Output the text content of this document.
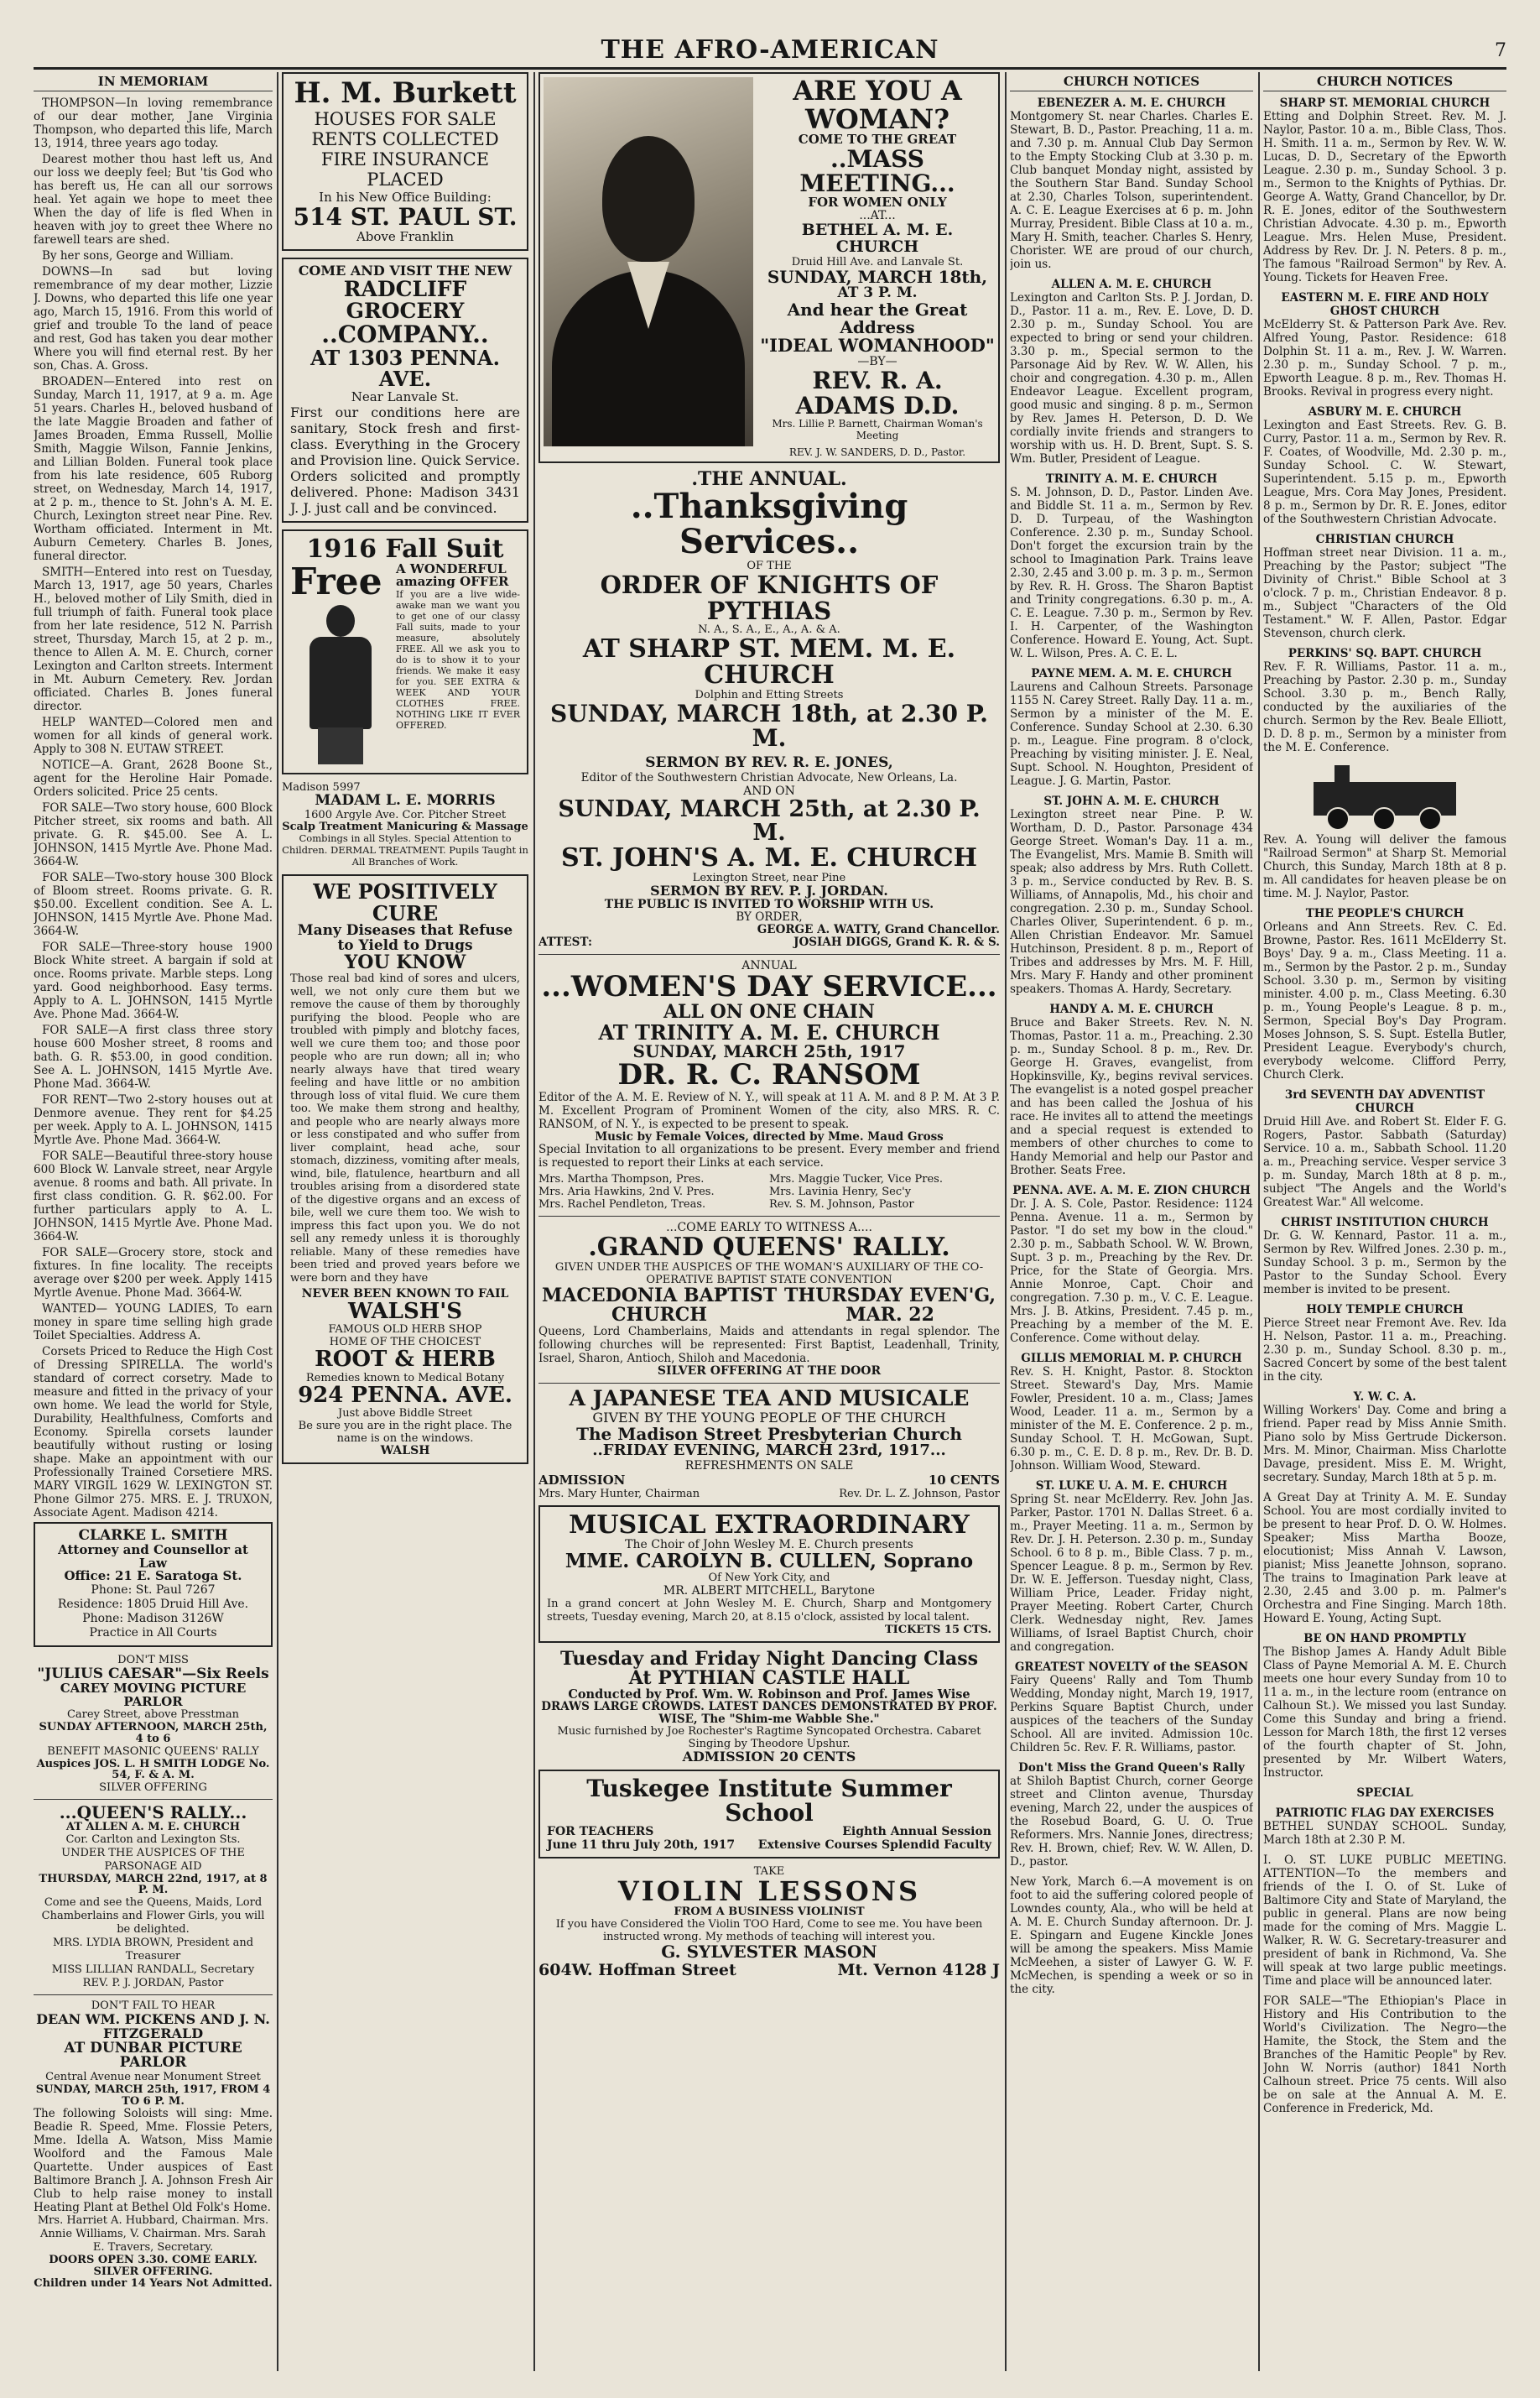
THE AFRO-AMERICAN	7
IN MEMORIAM

THOMPSON—In loving remembrance of our dear mother, Jane Virginia Thompson, who departed this life, March 13, 1914, three years ago today.

Dearest mother thou hast left us, And our loss we deeply feel; But 'tis God who has bereft us, He can all our sorrows heal. Yet again we hope to meet thee When the day of life is fled When in heaven with joy to greet thee Where no farewell tears are shed.

By her sons, George and William.

DOWNS—In sad but loving remembrance of my dear mother, Lizzie J. Downs, who departed this life one year ago, March 15, 1916. From this world of grief and trouble To the land of peace and rest, God has taken you dear mother Where you will find eternal rest. By her son, Chas. A. Gross.

BROADEN—Entered into rest on Sunday, March 11, 1917, at 9 a. m. Age 51 years. Charles H., beloved husband of the late Maggie Broaden and father of James Broaden, Emma Russell, Mollie Smith, Maggie Wilson, Fannie Jenkins, and Lillian Bolden. Funeral took place from his late residence, 605 Ruborg street, on Wednesday, March 14, 1917, at 2 p. m., thence to St. John's A. M. E. Church, Lexington street near Pine. Rev. Wortham officiated. Interment in Mt. Auburn Cemetery. Charles B. Jones, funeral director.

SMITH—Entered into rest on Tuesday, March 13, 1917, age 50 years, Charles H., beloved mother of Lily Smith, died in full triumph of faith. Funeral took place from her late residence, 512 N. Parrish street, Thursday, March 15, at 2 p. m., thence to Allen A. M. E. Church, corner Lexington and Carlton streets. Interment in Mt. Auburn Cemetery. Rev. Jordan officiated. Charles B. Jones funeral director.

HELP WANTED—Colored men and women for all kinds of general work. Apply to 308 N. EUTAW STREET.

NOTICE—A. Grant, 2628 Boone St., agent for the Heroline Hair Pomade. Orders solicited. Price 25 cents.

FOR SALE—Two story house, 600 Block Pitcher street, six rooms and bath. All private. G. R. $45.00. See A. L. JOHNSON, 1415 Myrtle Ave. Phone Mad. 3664-W.

FOR SALE—Two-story house 300 Block of Bloom street. Rooms private. G. R. $50.00. Excellent condition. See A. L. JOHNSON, 1415 Myrtle Ave. Phone Mad. 3664-W.

FOR SALE—Three-story house 1900 Block White street. A bargain if sold at once. Rooms private. Marble steps. Long yard. Good neighborhood. Easy terms. Apply to A. L. JOHNSON, 1415 Myrtle Ave. Phone Mad. 3664-W.

FOR SALE—A first class three story house 600 Mosher street, 8 rooms and bath. G. R. $53.00, in good condition. See A. L. JOHNSON, 1415 Myrtle Ave. Phone Mad. 3664-W.

FOR RENT—Two 2-story houses out at Denmore avenue. They rent for $4.25 per week. Apply to A. L. JOHNSON, 1415 Myrtle Ave. Phone Mad. 3664-W.

FOR SALE—Beautiful three-story house 600 Block W. Lanvale street, near Argyle avenue. 8 rooms and bath. All private. In first class condition. G. R. $62.00. For further particulars apply to A. L. JOHNSON, 1415 Myrtle Ave. Phone Mad. 3664-W.

FOR SALE—Grocery store, stock and fixtures. In fine locality. The receipts average over $200 per week. Apply 1415 Myrtle Avenue. Phone Mad. 3664-W.

WANTED— YOUNG LADIES, To earn money in spare time selling high grade Toilet Specialties. Address A.

Corsets Priced to Reduce the High Cost of Dressing SPIRELLA. The world's standard of correct corsetry. Made to measure and fitted in the privacy of your own home. We lead the world for Style, Durability, Healthfulness, Comforts and Economy. Spirella corsets launder beautifully without rusting or losing shape. Make an appointment with our Professionally Trained Corsetiere MRS. MARY VIRGIL 1629 W. LEXINGTON ST. Phone Gilmor 275. MRS. E. J. TRUXON, Associate Agent. Madison 4214.

CLARKE L. SMITH
Attorney and Counsellor at Law
Office: 21 E. Saratoga St.
Phone: St. Paul 7267
Residence: 1805 Druid Hill Ave.
Phone: Madison 3126W
Practice in All Courts
DON'T MISS
"JULIUS CAESAR"—Six Reels
CAREY MOVING PICTURE PARLOR
Carey Street, above Presstman
SUNDAY AFTERNOON, MARCH 25th, 4 to 6
BENEFIT MASONIC QUEENS' RALLY
Auspices JOS. L. H SMITH LODGE No. 54, F. & A. M.
SILVER OFFERING
...QUEEN'S RALLY...
AT ALLEN A. M. E. CHURCH
Cor. Carlton and Lexington Sts.
UNDER THE AUSPICES OF THE PARSONAGE AID
THURSDAY, MARCH 22nd, 1917, at 8 P. M.
Come and see the Queens, Maids, Lord Chamberlains and Flower Girls, you will be delighted.
MRS. LYDIA BROWN, President and Treasurer
MISS LILLIAN RANDALL, Secretary
REV. P. J. JORDAN, Pastor
DON'T FAIL TO HEAR
DEAN WM. PICKENS AND J. N. FITZGERALD
AT DUNBAR PICTURE PARLOR
Central Avenue near Monument Street
SUNDAY, MARCH 25th, 1917, FROM 4 TO 6 P. M.
The following Soloists will sing: Mme. Beadie R. Speed, Mme. Flossie Peters, Mme. Idella A. Watson, Miss Mamie Woolford and the Famous Male Quartette. Under auspices of East Baltimore Branch J. A. Johnson Fresh Air Club to help raise money to install Heating Plant at Bethel Old Folk's Home.
Mrs. Harriet A. Hubbard, Chairman. Mrs. Annie Williams, V. Chairman. Mrs. Sarah E. Travers, Secretary.
DOORS OPEN 3.30. COME EARLY. SILVER OFFERING.
Children under 14 Years Not Admitted.
H. M. Burkett
HOUSES FOR SALE
RENTS COLLECTED
FIRE INSURANCE PLACED
In his New Office Building:
514 ST. PAUL ST.
Above Franklin
COME AND VISIT THE NEW
RADCLIFF GROCERY
..COMPANY..
AT 1303 PENNA. AVE.
Near Lanvale St.
First our conditions here are sanitary, Stock fresh and first-class. Everything in the Grocery and Provision line. Quick Service. Orders solicited and promptly delivered. Phone: Madison 3431 J. J. just call and be convinced.
1916 Fall Suit
Free	A WONDERFUL amazing OFFER
If you are a live wide-awake man we want you to get one of our classy Fall suits, made to your measure, absolutely FREE. All we ask you to do is to show it to your friends. We make it easy for you. SEE EXTRA & WEEK AND YOUR CLOTHES FREE. NOTHING LIKE IT EVER OFFERED.
Madison 5997
MADAM L. E. MORRIS
1600 Argyle Ave. Cor. Pitcher Street
Scalp Treatment Manicuring & Massage
Combings in all Styles. Special Attention to Children. DERMAL TREATMENT. Pupils Taught in All Branches of Work.
WE POSITIVELY CURE
Many Diseases that Refuse to Yield to Drugs
YOU KNOW
Those real bad kind of sores and ulcers, well, we not only cure them but we remove the cause of them by thoroughly purifying the blood. People who are troubled with pimply and blotchy faces, well we cure them too; and those poor people who are run down; all in; who nearly always have that tired weary feeling and have little or no ambition through loss of vital fluid. We cure them too. We make them strong and healthy, and people who are nearly always more or less constipated and who suffer from liver complaint, head ache, sour stomach, dizziness, vomiting after meals, wind, bile, flatulence, heartburn and all troubles arising from a disordered state of the digestive organs and an excess of bile, well we cure them too. We wish to impress this fact upon you. We do not sell any remedy unless it is thoroughly reliable. Many of these remedies have been tried and proved years before we were born and they have
NEVER BEEN KNOWN TO FAIL
WALSH'S
FAMOUS OLD HERB SHOP
HOME OF THE CHOICEST
ROOT & HERB
Remedies known to Medical Botany
924 PENNA. AVE.
Just above Biddle Street
Be sure you are in the right place. The name is on the windows.
WALSH
ARE YOU A WOMAN?
COME TO THE GREAT
..MASS MEETING...
FOR WOMEN ONLY
...AT...
BETHEL A. M. E. CHURCH
Druid Hill Ave. and Lanvale St.
SUNDAY, MARCH 18th,
AT 3 P. M.
And hear the Great Address
"IDEAL WOMANHOOD"
—BY—
REV. R. A. ADAMS D.D.
Mrs. Lillie P. Barnett, Chairman Woman's Meeting
REV. J. W. SANDERS, D. D., Pastor.
.THE ANNUAL.
..Thanksgiving Services..
OF THE
ORDER OF KNIGHTS OF PYTHIAS
N. A., S. A., E., A., A. & A.
AT SHARP ST. MEM. M. E. CHURCH
Dolphin and Etting Streets
SUNDAY, MARCH 18th, at 2.30 P. M.
SERMON BY REV. R. E. JONES,
Editor of the Southwestern Christian Advocate, New Orleans, La.
AND ON
SUNDAY, MARCH 25th, at 2.30 P. M.
ST. JOHN'S A. M. E. CHURCH
Lexington Street, near Pine
SERMON BY REV. P. J. JORDAN.
THE PUBLIC IS INVITED TO WORSHIP WITH US.
BY ORDER,
GEORGE A. WATTY, Grand Chancellor.
ATTEST:	JOSIAH DIGGS, Grand K. R. & S.
ANNUAL
...WOMEN'S DAY SERVICE...
ALL ON ONE CHAIN
AT TRINITY A. M. E. CHURCH
SUNDAY, MARCH 25th, 1917
DR. R. C. RANSOM
Editor of the A. M. E. Review of N. Y., will speak at 11 A. M. and 8 P. M. At 3 P. M. Excellent Program of Prominent Women of the city, also MRS. R. C. RANSOM, of N. Y., is expected to be present to speak.
Music by Female Voices, directed by Mme. Maud Gross
Special Invitation to all organizations to be present. Every member and friend is requested to report their Links at each service.
Mrs. Martha Thompson, Pres.	Mrs. Maggie Tucker, Vice Pres.
Mrs. Aria Hawkins, 2nd V. Pres.	Mrs. Lavinia Henry, Sec'y
Mrs. Rachel Pendleton, Treas.	Rev. S. M. Johnson, Pastor
...COME EARLY TO WITNESS A....
.GRAND QUEENS' RALLY.
GIVEN UNDER THE AUSPICES OF THE WOMAN'S AUXILIARY OF THE CO-OPERATIVE BAPTIST STATE CONVENTION
MACEDONIA BAPTIST CHURCH
THURSDAY EVEN'G, MAR. 22
Queens, Lord Chamberlains, Maids and attendants in regal splendor. The following churches will be represented: First Baptist, Leadenhall, Trinity, Israel, Sharon, Antioch, Shiloh and Macedonia.
SILVER OFFERING AT THE DOOR
A JAPANESE TEA AND MUSICALE
GIVEN BY THE YOUNG PEOPLE OF THE CHURCH
The Madison Street Presbyterian Church
..FRIDAY EVENING, MARCH 23rd, 1917...
REFRESHMENTS ON SALE
ADMISSION	10 CENTS
Mrs. Mary Hunter, Chairman	Rev. Dr. L. Z. Johnson, Pastor
MUSICAL EXTRAORDINARY
The Choir of John Wesley M. E. Church presents
MME. CAROLYN B. CULLEN, Soprano
Of New York City, and
MR. ALBERT MITCHELL, Barytone
In a grand concert at John Wesley M. E. Church, Sharp and Montgomery streets, Tuesday evening, March 20, at 8.15 o'clock, assisted by local talent.
TICKETS 15 CTS.
Tuesday and Friday Night Dancing Class
At PYTHIAN CASTLE HALL
Conducted by Prof. Wm. W. Robinson and Prof. James Wise
DRAWS LARGE CROWDS. LATEST DANCES DEMONSTRATED BY PROF. WISE, The "Shim-me Wabble She."
Music furnished by Joe Rochester's Ragtime Syncopated Orchestra. Cabaret Singing by Theodore Upshur.
ADMISSION 20 CENTS
Tuskegee Institute Summer School
FOR TEACHERS	Eighth Annual Session
June 11 thru July 20th, 1917 Extensive Courses Splendid Faculty
TAKE
VIOLIN LESSONS
FROM A BUSINESS VIOLINIST
If you have Considered the Violin TOO Hard, Come to see me. You have been instructed wrong. My methods of teaching will interest you.
G. SYLVESTER MASON
604W. Hoffman Street	Mt. Vernon 4128 J
CHURCH NOTICES
EBENEZER A. M. E. CHURCH
Montgomery St. near Charles. Charles E. Stewart, B. D., Pastor. Preaching, 11 a. m. and 7.30 p. m. Annual Club Day Sermon to the Empty Stocking Club at 3.30 p. m. Club banquet Monday night, assisted by the Southern Star Band. Sunday School at 2.30, Charles Tolson, superintendent. A. C. E. League Exercises at 6 p. m. John Murray, President. Bible Class at 10 a. m., Mary H. Smith, teacher. Charles S. Henry, Chorister. WE are proud of our church, join us.
ALLEN A. M. E. CHURCH
Lexington and Carlton Sts. P. J. Jordan, D. D., Pastor. 11 a. m., Rev. E. Love, D. D. 2.30 p. m., Sunday School. You are expected to bring or send your children. 3.30 p. m., Special sermon to the Parsonage Aid by Rev. W. W. Allen, his choir and congregation. 4.30 p. m., Allen Endeavor League. Excellent program, good music and singing. 8 p. m., Sermon by Rev. James H. Peterson, D. D. We cordially invite friends and strangers to worship with us. H. D. Brent, Supt. S. S. Wm. Butler, President of League.
TRINITY A. M. E. CHURCH
S. M. Johnson, D. D., Pastor. Linden Ave. and Biddle St. 11 a. m., Sermon by Rev. D. D. Turpeau, of the Washington Conference. 2.30 p. m., Sunday School. Don't forget the excursion train by the school to Imagination Park. Trains leave 2.30, 2.45 and 3.00 p. m. 3 p. m., Sermon by Rev. R. H. Gross. The Sharon Baptist and Trinity congregations. 6.30 p. m., A. C. E. League. 7.30 p. m., Sermon by Rev. I. H. Carpenter, of the Washington Conference. Howard E. Young, Act. Supt. W. L. Wilson, Pres. A. C. E. L.
PAYNE MEM. A. M. E. CHURCH
Laurens and Calhoun Streets. Parsonage 1155 N. Carey Street. Rally Day. 11 a. m., Sermon by a minister of the M. E. Conference. Sunday School at 2.30. 6.30 p. m., League. Fine program. 8 o'clock, Preaching by visiting minister. J. E. Neal, Supt. School. N. Houghton, President of League. J. G. Martin, Pastor.
ST. JOHN A. M. E. CHURCH
Lexington street near Pine. P. W. Wortham, D. D., Pastor. Parsonage 434 George Street. Woman's Day. 11 a. m., The Evangelist, Mrs. Mamie B. Smith will speak; also address by Mrs. Ruth Collett. 3 p. m., Service conducted by Rev. B. S. Williams, of Annapolis, Md., his choir and congregation. 2.30 p. m., Sunday School. Charles Oliver, Superintendent. 6 p. m., Allen Christian Endeavor. Mr. Samuel Hutchinson, President. 8 p. m., Report of Tribes and addresses by Mrs. M. F. Hill, Mrs. Mary F. Handy and other prominent speakers. Thomas A. Hardy, Secretary.
HANDY A. M. E. CHURCH
Bruce and Baker Streets. Rev. N. N. Thomas, Pastor. 11 a. m., Preaching. 2.30 p. m., Sunday School. 8 p. m., Rev. Dr. George H. Graves, evangelist, from Hopkinsville, Ky., begins revival services. The evangelist is a noted gospel preacher and has been called the Joshua of his race. He invites all to attend the meetings and a special request is extended to members of other churches to come to Handy Memorial and help our Pastor and Brother. Seats Free.
PENNA. AVE. A. M. E. ZION CHURCH
Dr. J. A. S. Cole, Pastor. Residence: 1124 Penna. Avenue. 11 a. m., Sermon by Pastor. "I do set my bow in the cloud." 2.30 p. m., Sabbath School. W. W. Brown, Supt. 3 p. m., Preaching by the Rev. Dr. Price, for the State of Georgia. Mrs. Annie Monroe, Capt. Choir and congregation. 7.30 p. m., V. C. E. League. Mrs. J. B. Atkins, President. 7.45 p. m., Preaching by a member of the M. E. Conference. Come without delay.
GILLIS MEMORIAL M. P. CHURCH
Rev. S. H. Knight, Pastor. 8. Stockton Street. Steward's Day, Mrs. Mamie Fowler, President. 10 a. m., Class; James Wood, Leader. 11 a. m., Sermon by a minister of the M. E. Conference. 2 p. m., Sunday School. T. H. McGowan, Supt. 6.30 p. m., C. E. D. 8 p. m., Rev. Dr. B. D. Johnson. William Wood, Steward.
ST. LUKE U. A. M. E. CHURCH
Spring St. near McElderry. Rev. John Jas. Parker, Pastor. 1701 N. Dallas Street. 6 a. m., Prayer Meeting. 11 a. m., Sermon by Rev. Dr. J. H. Peterson. 2.30 p. m., Sunday School. 6 to 8 p. m., Bible Class. 7 p. m., Spencer League. 8 p. m., Sermon by Rev. Dr. W. E. Jefferson. Tuesday night, Class, William Price, Leader. Friday night, Prayer Meeting. Robert Carter, Church Clerk. Wednesday night, Rev. James Williams, of Israel Baptist Church, choir and congregation.
GREATEST NOVELTY of the SEASON
Fairy Queens' Rally and Tom Thumb Wedding, Monday night, March 19, 1917, Perkins Square Baptist Church, under auspices of the teachers of the Sunday School. All are invited. Admission 10c. Children 5c. Rev. F. R. Williams, pastor.
Don't Miss the Grand Queen's Rally
at Shiloh Baptist Church, corner George street and Clinton avenue, Thursday evening, March 22, under the auspices of the Rosebud Board, G. U. O. True Reformers. Mrs. Nannie Jones, directress; Rev. H. Brown, chief; Rev. W. W. Allen, D. D., pastor.
New York, March 6.—A movement is on foot to aid the suffering colored people of Lowndes county, Ala., who will be held at A. M. E. Church Sunday afternoon. Dr. J. E. Spingarn and Eugene Kinckle Jones will be among the speakers. Miss Mamie McMeehen, a sister of Lawyer G. W. F. McMechen, is spending a week or so in the city.
CHURCH NOTICES
SHARP ST. MEMORIAL CHURCH
Etting and Dolphin Street. Rev. M. J. Naylor, Pastor. 10 a. m., Bible Class, Thos. H. Smith. 11 a. m., Sermon by Rev. W. W. Lucas, D. D., Secretary of the Epworth League. 2.30 p. m., Sunday School. 3 p. m., Sermon to the Knights of Pythias. Dr. George A. Watty, Grand Chancellor, by Dr. R. E. Jones, editor of the Southwestern Christian Advocate. 4.30 p. m., Epworth League. Mrs. Helen Muse, President. Address by Rev. Dr. J. N. Peters. 8 p. m., The famous "Railroad Sermon" by Rev. A. Young. Tickets for Heaven Free.
EASTERN M. E. FIRE AND HOLY GHOST CHURCH
McElderry St. & Patterson Park Ave. Rev. Alfred Young, Pastor. Residence: 618 Dolphin St. 11 a. m., Rev. J. W. Warren. 2.30 p. m., Sunday School. 7 p. m., Epworth League. 8 p. m., Rev. Thomas H. Brooks. Revival in progress every night.
ASBURY M. E. CHURCH
Lexington and East Streets. Rev. G. B. Curry, Pastor. 11 a. m., Sermon by Rev. R. F. Coates, of Woodville, Md. 2.30 p. m., Sunday School. C. W. Stewart, Superintendent. 5.15 p. m., Epworth League, Mrs. Cora May Jones, President. 8 p. m., Sermon by Dr. R. E. Jones, editor of the Southwestern Christian Advocate.
CHRISTIAN CHURCH
Hoffman street near Division. 11 a. m., Preaching by the Pastor; subject "The Divinity of Christ." Bible School at 3 o'clock. 7 p. m., Christian Endeavor. 8 p. m., Subject "Characters of the Old Testament." W. F. Allen, Pastor. Edgar Stevenson, church clerk.
PERKINS' SQ. BAPT. CHURCH
Rev. F. R. Williams, Pastor. 11 a. m., Preaching by Pastor. 2.30 p. m., Sunday School. 3.30 p. m., Bench Rally, conducted by the auxiliaries of the church. Sermon by the Rev. Beale Elliott, D. D. 8 p. m., Sermon by a minister from the M. E. Conference.
Rev. A. Young will deliver the famous "Railroad Sermon" at Sharp St. Memorial Church, this Sunday, March 18th at 8 p. m. All candidates for heaven please be on time. M. J. Naylor, Pastor.
THE PEOPLE'S CHURCH
Orleans and Ann Streets. Rev. C. Ed. Browne, Pastor. Res. 1611 McElderry St. Boys' Day. 9 a. m., Class Meeting. 11 a. m., Sermon by the Pastor. 2 p. m., Sunday School. 3.30 p. m., Sermon by visiting minister. 4.00 p. m., Class Meeting. 6.30 p. m., Young People's League. 8 p. m., Sermon, Special Boy's Day Program. Moses Johnson, S. S. Supt. Estella Butler, President League. Everybody's church, everybody welcome. Clifford Perry, Church Clerk.
3rd SEVENTH DAY ADVENTIST CHURCH
Druid Hill Ave. and Robert St. Elder F. G. Rogers, Pastor. Sabbath (Saturday) Service. 10 a. m., Sabbath School. 11.20 a. m., Preaching service. Vesper service 3 p. m. Sunday, March 18th at 8 p. m., subject "The Angels and the World's Greatest War." All welcome.
CHRIST INSTITUTION CHURCH
Dr. G. W. Kennard, Pastor. 11 a. m., Sermon by Rev. Wilfred Jones. 2.30 p. m., Sunday School. 3 p. m., Sermon by the Pastor to the Sunday School. Every member is invited to be present.
HOLY TEMPLE CHURCH
Pierce Street near Fremont Ave. Rev. Ida H. Nelson, Pastor. 11 a. m., Preaching. 2.30 p. m., Sunday School. 8.30 p. m., Sacred Concert by some of the best talent in the city.
Y. W. C. A.
Willing Workers' Day. Come and bring a friend. Paper read by Miss Annie Smith. Piano solo by Miss Gertrude Dickerson. Mrs. M. Minor, Chairman. Miss Charlotte Davage, president. Miss E. M. Wright, secretary. Sunday, March 18th at 5 p. m.
A Great Day at Trinity A. M. E. Sunday School. You are most cordially invited to be present to hear Prof. D. O. W. Holmes. Speaker; Miss Martha Booze, elocutionist; Miss Annah V. Lawson, pianist; Miss Jeanette Johnson, soprano. The trains to Imagination Park leave at 2.30, 2.45 and 3.00 p. m. Palmer's Orchestra and Fine Singing. March 18th. Howard E. Young, Acting Supt.
BE ON HAND PROMPTLY
The Bishop James A. Handy Adult Bible Class of Payne Memorial A. M. E. Church meets one hour every Sunday from 10 to 11 a. m., in the lecture room (entrance on Calhoun St.). We missed you last Sunday. Come this Sunday and bring a friend. Lesson for March 18th, the first 12 verses of the fourth chapter of St. John, presented by Mr. Wilbert Waters, Instructor.
SPECIAL
PATRIOTIC FLAG DAY EXERCISES
BETHEL SUNDAY SCHOOL. Sunday, March 18th at 2.30 P. M.
I. O. ST. LUKE PUBLIC MEETING. ATTENTION—To the members and friends of the I. O. of St. Luke of Baltimore City and State of Maryland, the public in general. Plans are now being made for the coming of Mrs. Maggie L. Walker, R. W. G. Secretary-treasurer and president of bank in Richmond, Va. She will speak at two large public meetings. Time and place will be announced later.
FOR SALE—"The Ethiopian's Place in History and His Contribution to the World's Civilization. The Negro—the Hamite, the Stock, the Stem and the Branches of the Hamitic People" by Rev. John W. Norris (author) 1841 North Calhoun street. Price 75 cents. Will also be on sale at the Annual A. M. E. Conference in Frederick, Md.
